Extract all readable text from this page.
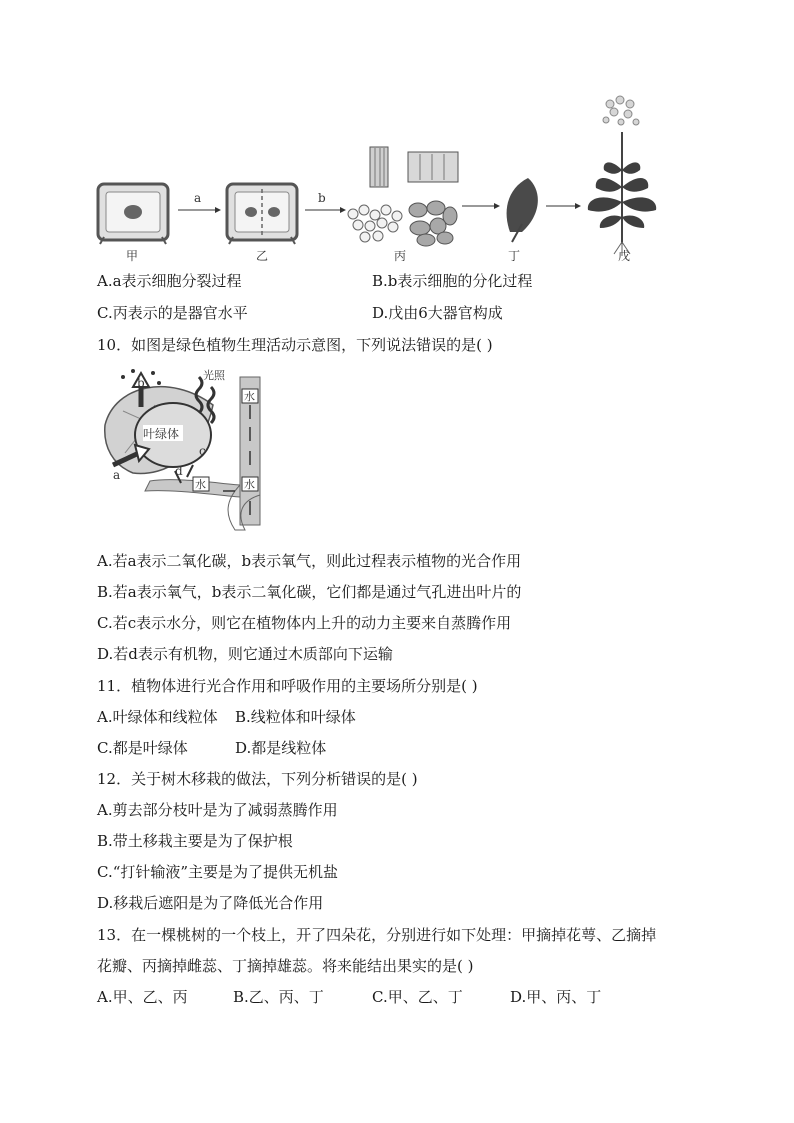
a	b
甲	乙	丙	丁	戊
A.a表示细胞分裂过程	B.b表示细胞的分化过程
C.丙表示的是器官水平	D.戊由6大器官构成
10．如图是绿色植物生理活动示意图，下列说法错误的是( )
水
水
水
光照
叶绿体
a
b
c
d
A.若a表示二氧化碳，b表示氧气，则此过程表示植物的光合作用
B.若a表示氧气，b表示二氧化碳，它们都是通过气孔进出叶片的
C.若c表示水分，则它在植物体内上升的动力主要来自蒸腾作用
D.若d表示有机物，则它通过木质部向下运输
11．植物体进行光合作用和呼吸作用的主要场所分别是( )
A.叶绿体和线粒体 B.线粒体和叶绿体
C.都是叶绿体	D.都是线粒体
12．关于树木移栽的做法，下列分析错误的是( )
A.剪去部分枝叶是为了减弱蒸腾作用
B.带土移栽主要是为了保护根
C.“打针输液”主要是为了提供无机盐
D.移栽后遮阳是为了降低光合作用
13．在一棵桃树的一个枝上，开了四朵花，分别进行如下处理：甲摘掉花萼、乙摘掉
花瓣、丙摘掉雌蕊、丁摘掉雄蕊。将来能结出果实的是( )
A.甲、乙、丙	B.乙、丙、丁	C.甲、乙、丁	D.甲、丙、丁
